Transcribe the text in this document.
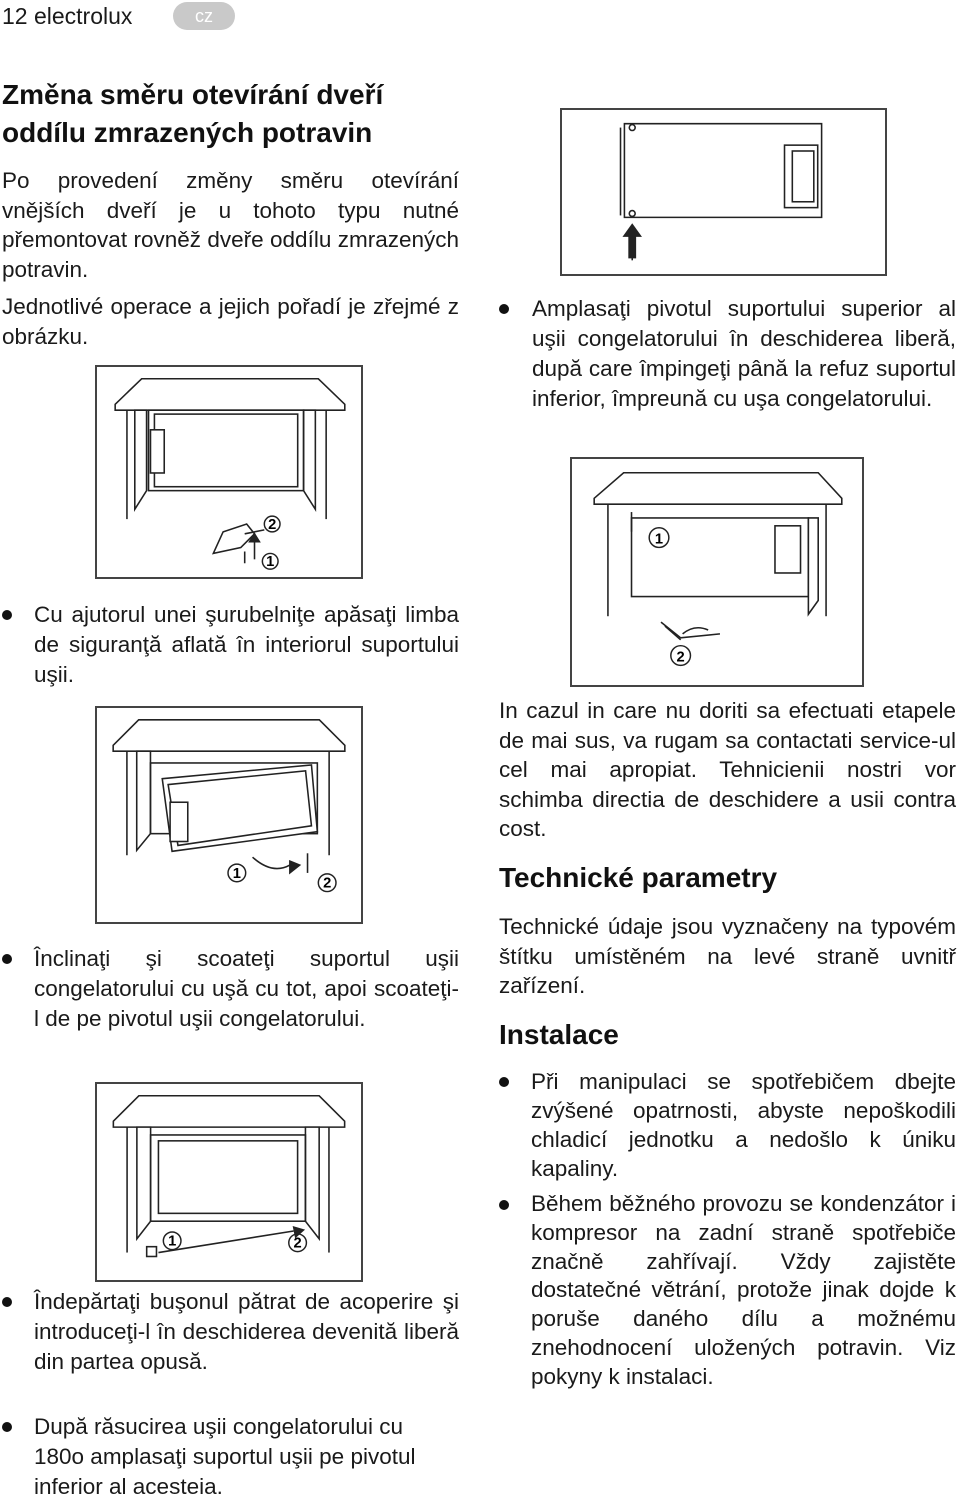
12 electrolux	cz
Změna směru otevírání dveří oddílu zmrazených potravin
Po provedení změny směru otevírání vnějších dveří je u tohoto typu nutné přemontovat rovněž dveře oddílu zmrazených potravin.
Jednotlivé operace a jejich pořadí je zřejmé z obrázku.
2
1
Cu ajutorul unei şurubelniţe apăsaţi limba de siguranţă aflată în interiorul suportului uşii.
1
2
Înclinaţi şi scoateţi suportul uşii congelatorului cu uşă cu tot, apoi scoateţi-l de pe pivotul uşii congelatorului.
1	2
Îndepărtaţi buşonul pătrat de acoperire şi introduceţi-l în deschiderea devenită liberă din partea opusă.
După răsucirea uşii congelatorului cu 180o amplasaţi suportul uşii pe pivotul inferior al acesteia.
Amplasaţi pivotul suportului superior al uşii congelatorului în deschiderea liberă, după care împingeţi până la refuz suportul inferior, împreună cu uşa congelatorului.
1
2
In cazul in care nu doriti sa efectuati etapele de mai sus, va rugam sa contactati service-ul cel mai apropiat. Tehnicienii nostri vor schimba directia de deschidere a usii contra cost.
Technické parametry
Technické údaje jsou vyznačeny na typovém štítku umístěném na levé straně uvnitř zařízení.
Instalace
Při manipulaci se spotřebičem dbejte zvýšené opatrnosti, abyste nepoškodili chladicí jednotku a nedošlo k úniku kapaliny.
Během běžného provozu se kondenzátor i kompresor na zadní straně spotřebiče značně zahřívají. Vždy zajistěte dostatečné větrání, protože jinak dojde k poruše daného dílu a možnému znehodnocení uložených potravin. Viz pokyny k instalaci.
